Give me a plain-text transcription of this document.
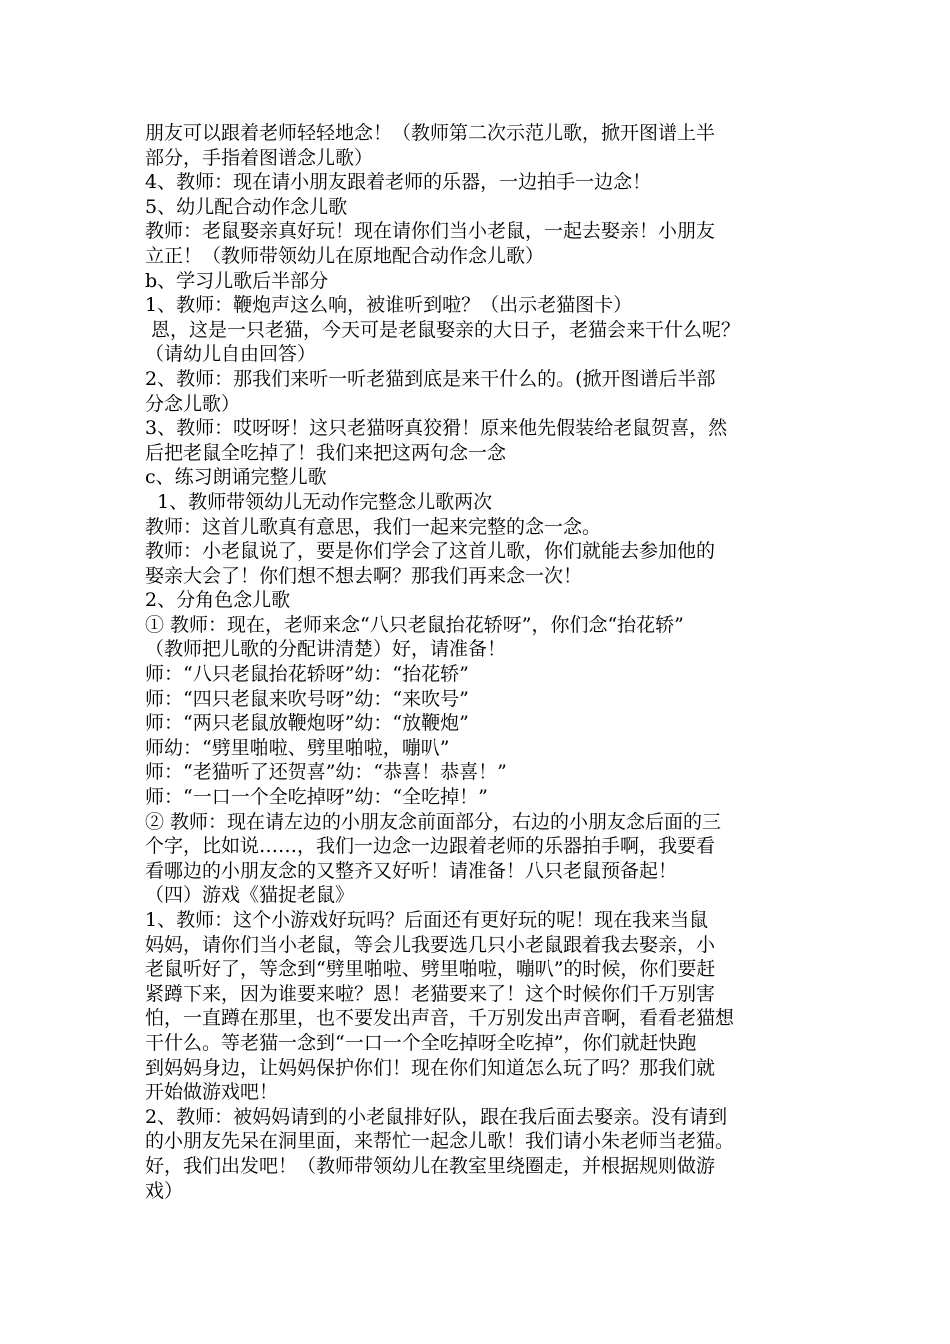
朋友可以跟着老师轻轻地念！（教师第二次示范儿歌，掀开图谱上半
部分，手指着图谱念儿歌）
4、教师：现在请小朋友跟着老师的乐器，一边拍手一边念！
5、幼儿配合动作念儿歌
教师：老鼠娶亲真好玩！现在请你们当小老鼠，一起去娶亲！小朋友
立正！（教师带领幼儿在原地配合动作念儿歌）
b、学习儿歌后半部分
1、教师：鞭炮声这么响，被谁听到啦？（出示老猫图卡）
恩，这是一只老猫，今天可是老鼠娶亲的大日子，老猫会来干什么呢？
（请幼儿自由回答）
2、教师：那我们来听一听老猫到底是来干什么的。(掀开图谱后半部
分念儿歌）
3、教师：哎呀呀！这只老猫呀真狡猾！原来他先假装给老鼠贺喜，然
后把老鼠全吃掉了！我们来把这两句念一念
c、练习朗诵完整儿歌
1、教师带领幼儿无动作完整念儿歌两次
教师：这首儿歌真有意思，我们一起来完整的念一念。
教师：小老鼠说了，要是你们学会了这首儿歌，你们就能去参加他的
娶亲大会了！你们想不想去啊？那我们再来念一次！
2、分角色念儿歌
① 教师：现在，老师来念“八只老鼠抬花轿呀”，你们念“抬花轿”
（教师把儿歌的分配讲清楚）好，请准备！
师：“八只老鼠抬花轿呀”幼：“抬花轿”
师：“四只老鼠来吹号呀”幼：“来吹号”
师：“两只老鼠放鞭炮呀”幼：“放鞭炮”
师幼：“劈里啪啦、劈里啪啦，嘣叭”
师：“老猫听了还贺喜”幼：“恭喜！恭喜！”
师：“一口一个全吃掉呀”幼：“全吃掉！”
② 教师：现在请左边的小朋友念前面部分，右边的小朋友念后面的三
个字，比如说……，我们一边念一边跟着老师的乐器拍手啊，我要看
看哪边的小朋友念的又整齐又好听！请准备！八只老鼠预备起！
（四）游戏《猫捉老鼠》
1、教师：这个小游戏好玩吗？后面还有更好玩的呢！现在我来当鼠
妈妈，请你们当小老鼠，等会儿我要选几只小老鼠跟着我去娶亲，小
老鼠听好了，等念到“劈里啪啦、劈里啪啦，嘣叭”的时候，你们要赶
紧蹲下来，因为谁要来啦？恩！老猫要来了！这个时候你们千万别害
怕，一直蹲在那里，也不要发出声音，千万别发出声音啊，看看老猫想
干什么。等老猫一念到“一口一个全吃掉呀全吃掉”，你们就赶快跑
到妈妈身边，让妈妈保护你们！现在你们知道怎么玩了吗？那我们就
开始做游戏吧！
2、教师：被妈妈请到的小老鼠排好队，跟在我后面去娶亲。没有请到
的小朋友先呆在洞里面，来帮忙一起念儿歌！我们请小朱老师当老猫。
好，我们出发吧！（教师带领幼儿在教室里绕圈走，并根据规则做游
戏）
